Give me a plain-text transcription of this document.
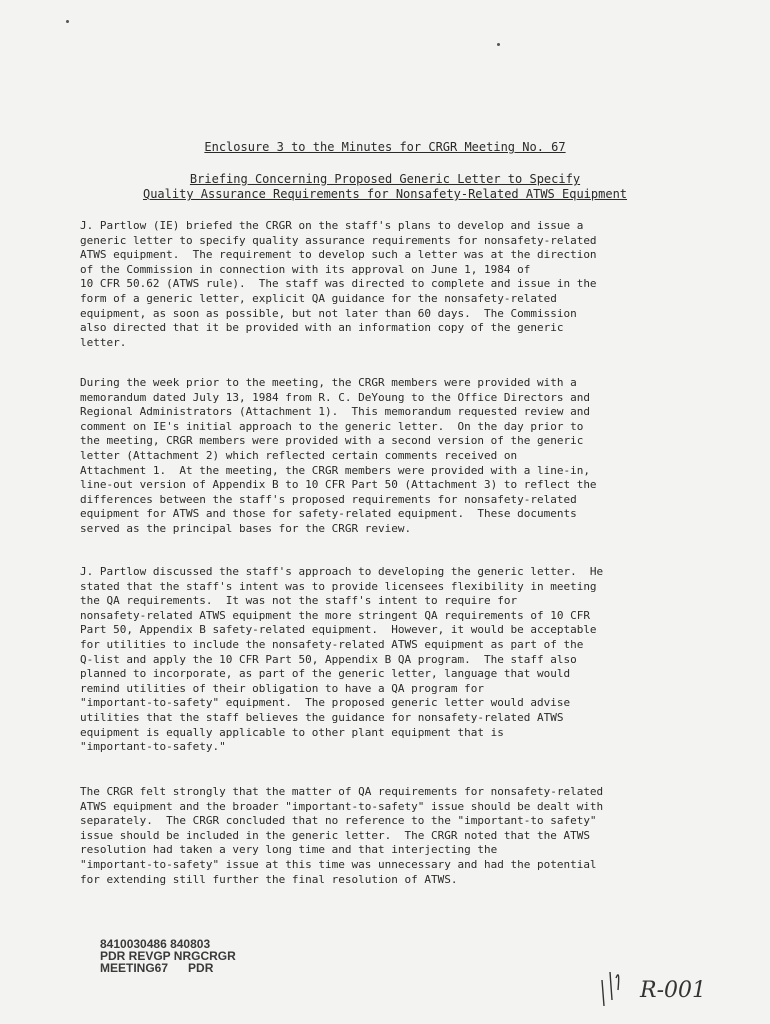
Enclosure 3 to the Minutes for CRGR Meeting No. 67
Briefing Concerning Proposed Generic Letter to Specify
Quality Assurance Requirements for Nonsafety-Related ATWS Equipment
J. Partlow (IE) briefed the CRGR on the staff's plans to develop and issue a
generic letter to specify quality assurance requirements for nonsafety-related
ATWS equipment.  The requirement to develop such a letter was at the direction
of the Commission in connection with its approval on June 1, 1984 of
10 CFR 50.62 (ATWS rule).  The staff was directed to complete and issue in the
form of a generic letter, explicit QA guidance for the nonsafety-related
equipment, as soon as possible, but not later than 60 days.  The Commission
also directed that it be provided with an information copy of the generic
letter.
During the week prior to the meeting, the CRGR members were provided with a
memorandum dated July 13, 1984 from R. C. DeYoung to the Office Directors and
Regional Administrators (Attachment 1).  This memorandum requested review and
comment on IE's initial approach to the generic letter.  On the day prior to
the meeting, CRGR members were provided with a second version of the generic
letter (Attachment 2) which reflected certain comments received on
Attachment 1.  At the meeting, the CRGR members were provided with a line-in,
line-out version of Appendix B to 10 CFR Part 50 (Attachment 3) to reflect the
differences between the staff's proposed requirements for nonsafety-related
equipment for ATWS and those for safety-related equipment.  These documents
served as the principal bases for the CRGR review.
J. Partlow discussed the staff's approach to developing the generic letter.  He
stated that the staff's intent was to provide licensees flexibility in meeting
the QA requirements.  It was not the staff's intent to require for
nonsafety-related ATWS equipment the more stringent QA requirements of 10 CFR
Part 50, Appendix B safety-related equipment.  However, it would be acceptable
for utilities to include the nonsafety-related ATWS equipment as part of the
Q-list and apply the 10 CFR Part 50, Appendix B QA program.  The staff also
planned to incorporate, as part of the generic letter, language that would
remind utilities of their obligation to have a QA program for
"important-to-safety" equipment.  The proposed generic letter would advise
utilities that the staff believes the guidance for nonsafety-related ATWS
equipment is equally applicable to other plant equipment that is
"important-to-safety."
The CRGR felt strongly that the matter of QA requirements for nonsafety-related
ATWS equipment and the broader "important-to-safety" issue should be dealt with
separately.  The CRGR concluded that no reference to the "important-to safety"
issue should be included in the generic letter.  The CRGR noted that the ATWS
resolution had taken a very long time and that interjecting the
"important-to-safety" issue at this time was unnecessary and had the potential
for extending still further the final resolution of ATWS.
8410030486 840803
PDR REVGP NRGCRGR
MEETING67      PDR
R-001
